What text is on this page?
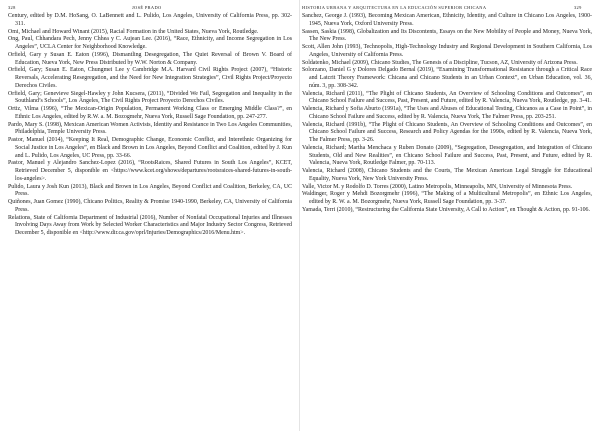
328	JOSÉ PRADO
Century, edited by D.M. HoSang, O. LaBennett and L. Pulido, Los Angeles, University of California Press, pp. 302-311.
Omi, Michael and Howard Winant (2015), Racial Formation in the United States, Nueva York, Routledge.
Ong, Paul, Chhandara Pech, Jenny Chhea y C. Aujean Lee. (2016), “Race, Ethnicity, and Income Segregation in Los Angeles”, UCLA Center for Neighborhood Knowledge.
Orfield, Gary y Susan E. Eaton (1996), Dismantling Desegregation, The Quiet Reversal of Brown V. Board of Education, Nueva York, New Press Distributed by W.W. Norton & Company.
Orfield, Gary; Susan E. Eaton, Chungmei Lee y Cambridge M.A. Harvard Civil Rights Project (2007), “Historic Reversals, Accelerating Resegregation, and the Need for New Integration Strategies”, Civil Rights Project/Proyecto Derechos Civiles.
Orfield, Gary; Genevieve Siegel-Hawley y John Kucsera, (2011), “Divided We Fail, Segregation and Inequality in the Southland’s Schools”, Los Ángeles, The Civil Rights Project Proyecto Derechos Civiles.
Ortiz, Vilma (1996), “The Mexican-Origin Population, Permanent Working Class or Emerging Middle Class?”, en Ethnic Los Angeles, edited by R.W. a. M. Bozogmehr, Nueva York, Russell Sage Foundation, pp. 247-277.
Pardo, Mary S. (1998), Mexican American Women Activists, Identity and Resistance in Two Los Angeles Communities, Philadelphia, Temple University Press.
Pastor, Manuel (2014), “Keeping It Real, Demographic Change, Economic Conflict, and Interethnic Organizing for Social Justice in Los Angeles”, en Black and Brown in Los Angeles, Beyond Conflict and Coalition, edited by J. Kun and L. Pulido, Los Angeles, UC Press, pp. 33-66.
Pastor, Manuel y Alejandro Sanchez-Lopez (2016), “RootsRaices, Shared Futures in South Los Angeles”, KCET, Retrieved December 5, disponible en <https://www.kcet.org/shows/departures/rootsraices-shared-futures-in-south-los-angeles>.
Pulido, Laura y Josh Kun (2013), Black and Brown in Los Angeles, Beyond Conflict and Coalition, Berkeley, CA, UC Press.
Quiñones, Juan Gomez (1990), Chicano Politics, Reality & Promise 1940-1990, Berkeley, CA, University of California Press.
Relations, State of California Department of Industrial (2016), Number of Nonfatal Occupational Injuries and Illnesses Involving Days Away from Work by Selected Worker Characteristics and Major Industry Sector Congress, Retrieved December 5, disponible en <http://www.dir.ca.gov/oprl/Injuries/Demographics/2016/Menu.htm>.
HISTORIA URBANA Y ARQUITECTURA EN LA EDUCACIÓN SUPERIOR CHICANA	329
Sanchez, George J. (1993), Becoming Mexican American, Ethnicity, Identity, and Culture in Chicano Los Angeles, 1900-1945, Nueva York, Oxford University Press.
Sassen, Saskia (1998), Globalization and Its Discontents, Essays on the New Mobility of People and Money, Nueva York, The New Press.
Scott, Allen John (1993), Technopolis, High-Technology Industry and Regional Development in Southern California, Los Angeles, University of California Press.
Soldatenko, Michael (2009), Chicano Studies, The Genesis of a Discipline, Tucson, AZ, University of Arizona Press.
Solorzano, Daniel G y Dolores Delgado Bernal (2019), “Examining Transformational Resistance through a Critical Race and Latcrit Theory Framework: Chicana and Chicano Students in an Urban Context”, en Urban Education, vol. 36, núm. 3, pp. 308-342.
Valencia, Richard (2011), “The Plight of Chicano Students, An Overview of Schooling Conditions and Outcomes”, en Chicano School Failure and Success, Past, Present, and Future, edited by R. Valencia, Nueva York, Routledge, pp. 3-41.
Valencia, Richard y Sofia Aburto (1991a), “The Uses and Abuses of Educational Testing, Chicanos as a Case in Point”, in Chicano School Failure and Success, edited by R. Valencia, Nueva York, The Falmer Press, pp. 203-251.
Valencia, Richard (1991b), “The Plight of Chicano Students, An Overview of Schooling Conditions and Outcomes”, en Chicano School Failure and Success, Research and Policy Agendas for the 1990s, edited by R. Valencia, Nueva York, The Falmer Press, pp. 3-26.
Valencia, Richard; Martha Menchaca y Ruben Donato (2009), “Segregation, Desegregation, and Integration of Chicano Students, Old and New Realities”, en Chicano School Failure and Success, Past, Present, and Future, edited by R. Valencia, Nueva York, Routledge Falmer, pp. 70-113.
Valencia, Richard (2008), Chicano Students and the Courts, The Mexican American Legal Struggle for Educational Equality, Nueva York, New York University Press.
Valle, Victor M. y Rodolfo D. Torres (2000), Latino Metropolis, Minneapolis, MN, University of Minnesota Press.
Waldinger, Roger y Mehdi Bozorgmehr (1996), “The Making of a Multicultural Metropolis”, en Ethnic Los Angeles, edited by R. W. a. M. Bozorgmehr, Nueva York, Russell Sage Foundation, pp. 3-37.
Yamada, Terri (2010), “Restructuring the California State University, A Call to Action”, en Thought & Action, pp. 91-106.
